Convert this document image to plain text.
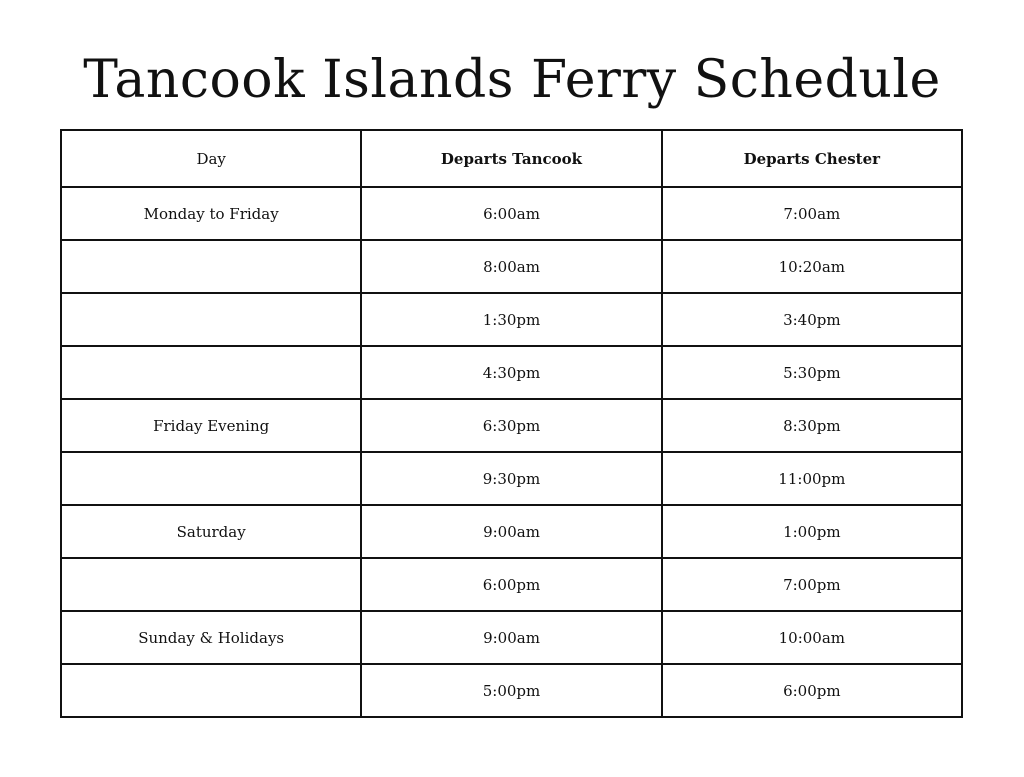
Tancook Islands Ferry Schedule
Day	Departs Tancook	Departs Chester
Monday to Friday	6:00am	7:00am
	8:00am	10:20am
	1:30pm	3:40pm
	4:30pm	5:30pm
Friday Evening	6:30pm	8:30pm
	9:30pm	11:00pm
Saturday	9:00am	1:00pm
	6:00pm	7:00pm
Sunday & Holidays	9:00am	10:00am
	5:00pm	6:00pm
